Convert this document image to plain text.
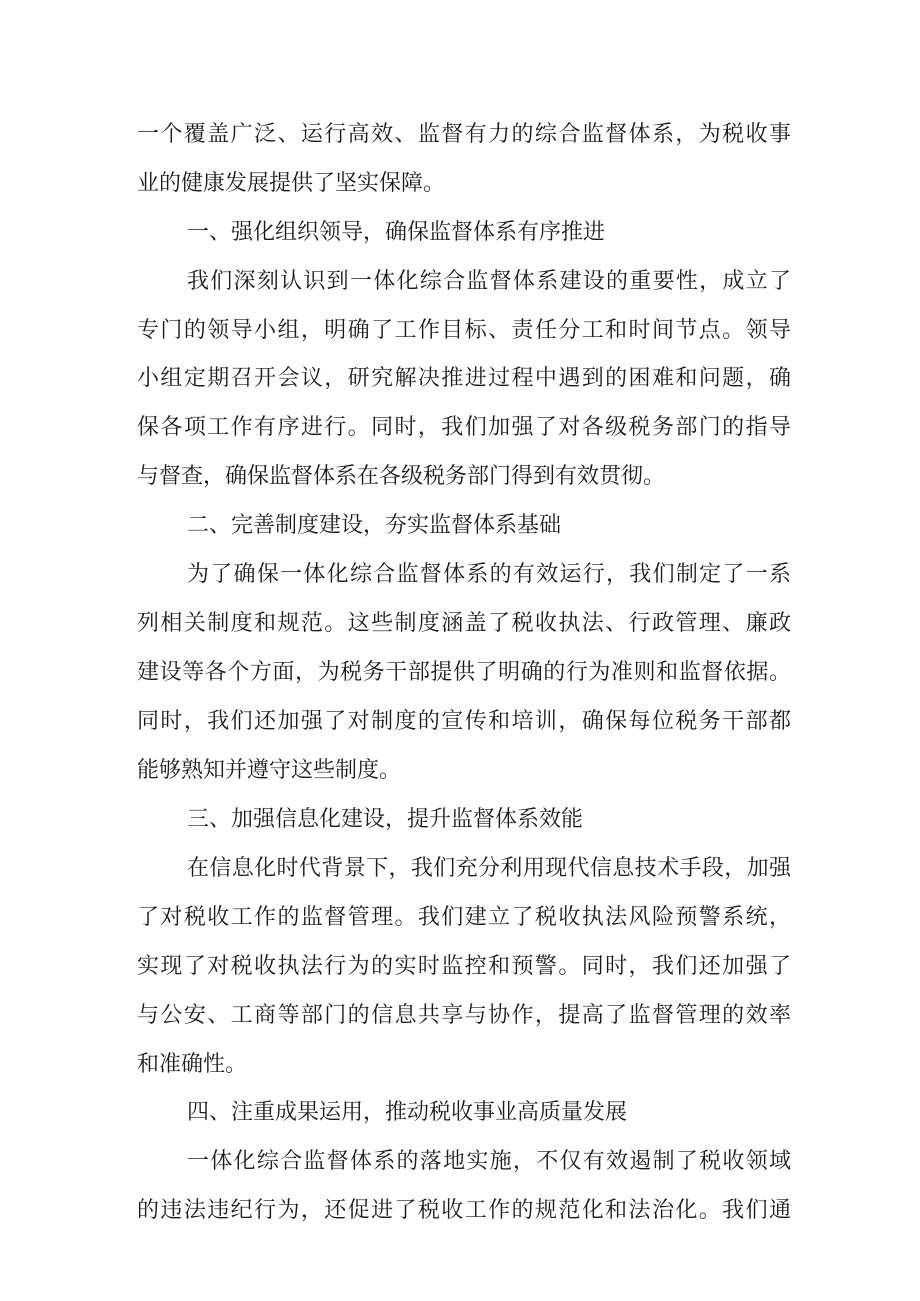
一个覆盖广泛、运行高效、监督有力的综合监督体系，为税收事
业的健康发展提供了坚实保障。
一、强化组织领导，确保监督体系有序推进
我们深刻认识到一体化综合监督体系建设的重要性，成立了
专门的领导小组，明确了工作目标、责任分工和时间节点。领导
小组定期召开会议，研究解决推进过程中遇到的困难和问题，确
保各项工作有序进行。同时，我们加强了对各级税务部门的指导
与督查，确保监督体系在各级税务部门得到有效贯彻。
二、完善制度建设，夯实监督体系基础
为了确保一体化综合监督体系的有效运行，我们制定了一系
列相关制度和规范。这些制度涵盖了税收执法、行政管理、廉政
建设等各个方面，为税务干部提供了明确的行为准则和监督依据。
同时，我们还加强了对制度的宣传和培训，确保每位税务干部都
能够熟知并遵守这些制度。
三、加强信息化建设，提升监督体系效能
在信息化时代背景下，我们充分利用现代信息技术手段，加强
了对税收工作的监督管理。我们建立了税收执法风险预警系统，
实现了对税收执法行为的实时监控和预警。同时，我们还加强了
与公安、工商等部门的信息共享与协作，提高了监督管理的效率
和准确性。
四、注重成果运用，推动税收事业高质量发展
一体化综合监督体系的落地实施，不仅有效遏制了税收领域
的违法违纪行为，还促进了税收工作的规范化和法治化。我们通
